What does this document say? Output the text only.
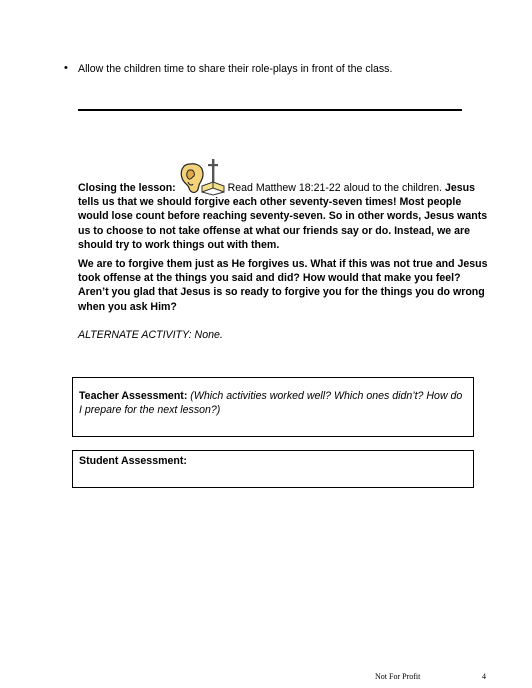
• Allow the children time to share their role-plays in front of the class.
Closing the lesson:	Read Matthew 18:21-22 aloud to the children. Jesus tells us that we should forgive each other seventy-seven times! Most people would lose count before reaching seventy-seven. So in other words, Jesus wants us to choose to not take offense at what our friends say or do. Instead, we are should try to work things out with them.
We are to forgive them just as He forgives us. What if this was not true and Jesus took offense at the things you said and did? How would that make you feel? Aren’t you glad that Jesus is so ready to forgive you for the things you do wrong when you ask Him?
ALTERNATE ACTIVITY: None.
Teacher Assessment: (Which activities worked well? Which ones didn’t? How do I prepare for the next lesson?)
Student Assessment:
Not For Profit	4
